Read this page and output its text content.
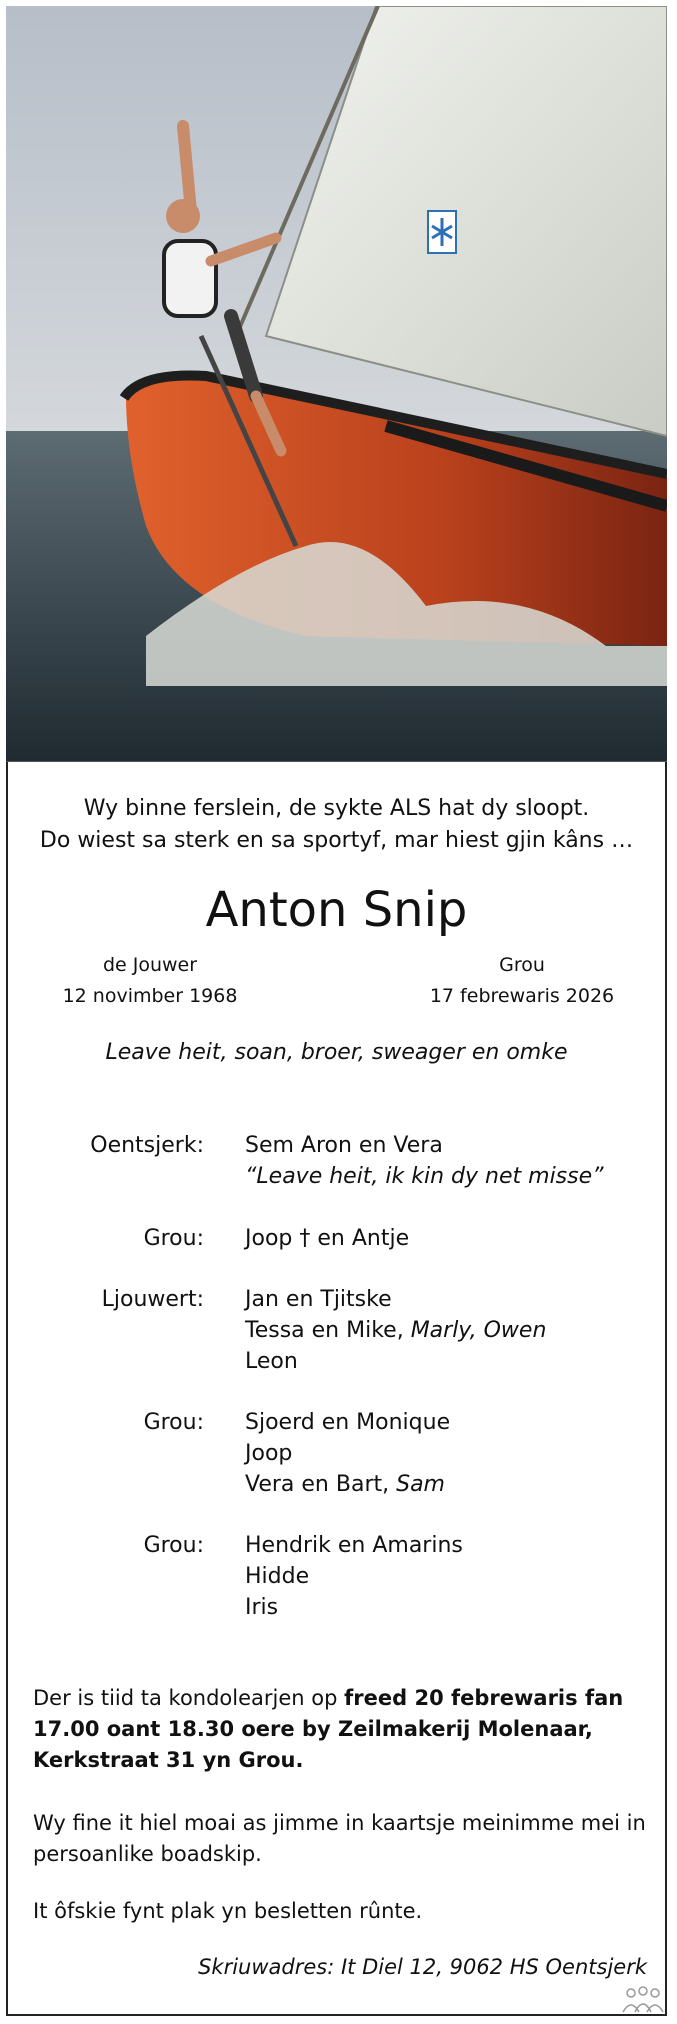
Wy binne ferslein, de sykte ALS hat dy sloopt.
Do wiest sa sterk en sa sportyf, mar hiest gjin kâns …
Anton Snip
de Jouwer
12 novimber 1968
Grou
17 febrewaris 2026
Leave heit, soan, broer, sweager en omke
Oentsjerk: Sem Aron en Vera
“Leave heit, ik kin dy net misse”
Grou: Joop † en Antje
Ljouwert: Jan en Tjitske
Tessa en Mike, Marly, Owen
Leon
Grou: Sjoerd en Monique
Joop
Vera en Bart, Sam
Grou: Hendrik en Amarins
Hidde
Iris
Der is tiid ta kondolearjen op freed 20 febrewaris fan 17.00 oant 18.30 oere by Zeilmakerij Molenaar, Kerkstraat 31 yn Grou.
Wy fine it hiel moai as jimme in kaartsje meinimme mei in persoanlike boadskip.
It ôfskie fynt plak yn besletten rûnte.
Skriuwadres: It Diel 12, 9062 HS Oentsjerk
